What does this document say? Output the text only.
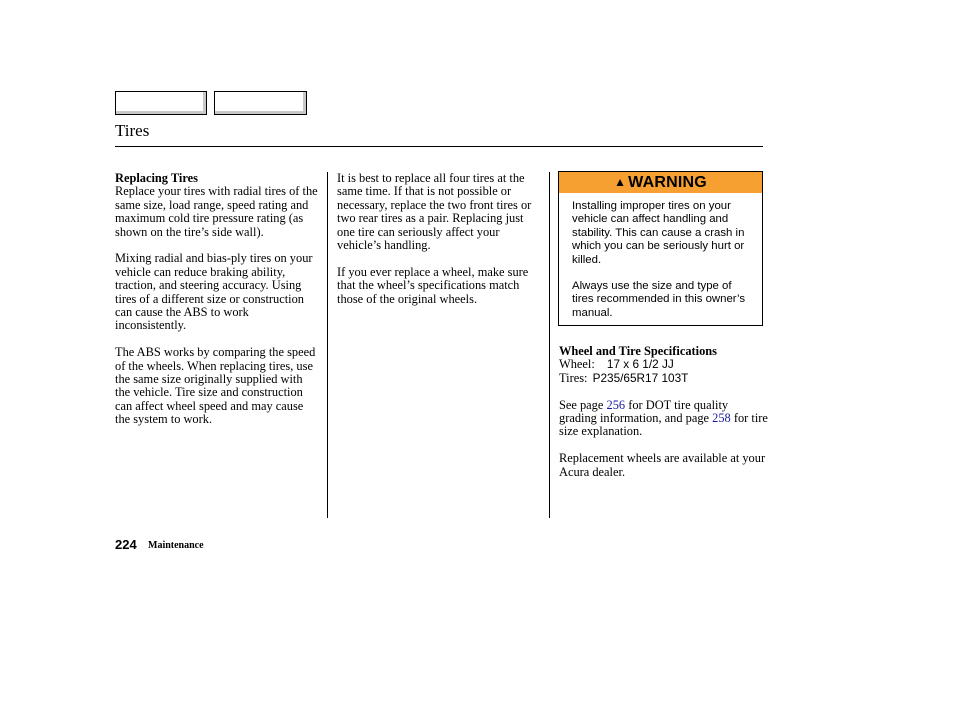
Tires
Replacing Tires

Replace your tires with radial tires of the same size, load range, speed rating and maximum cold tire pressure rating (as shown on the tire’s side wall).

Mixing radial and bias-ply tires on your vehicle can reduce braking ability, traction, and steering accuracy. Using tires of a different size or construction can cause the ABS to work inconsistently.

The ABS works by comparing the speed of the wheels. When replacing tires, use the same size originally supplied with the vehicle. Tire size and construction can affect wheel speed and may cause the system to work.

It is best to replace all four tires at the same time. If that is not possible or necessary, replace the two front tires or two rear tires as a pair. Replacing just one tire can seriously affect your vehicle’s handling.

If you ever replace a wheel, make sure that the wheel’s specifications match those of the original wheels.

▲ WARNING

Installing improper tires on your vehicle can affect handling and stability. This can cause a crash in which you can be seriously hurt or killed.

Always use the size and type of tires recommended in this owner’s manual.

Wheel and Tire Specifications
Wheel: 17 x 6 1/2 JJ
Tires: P235/65R17 103T

See page 256 for DOT tire quality grading information, and page 258 for tire size explanation.

Replacement wheels are available at your Acura dealer.

224 Maintenance
